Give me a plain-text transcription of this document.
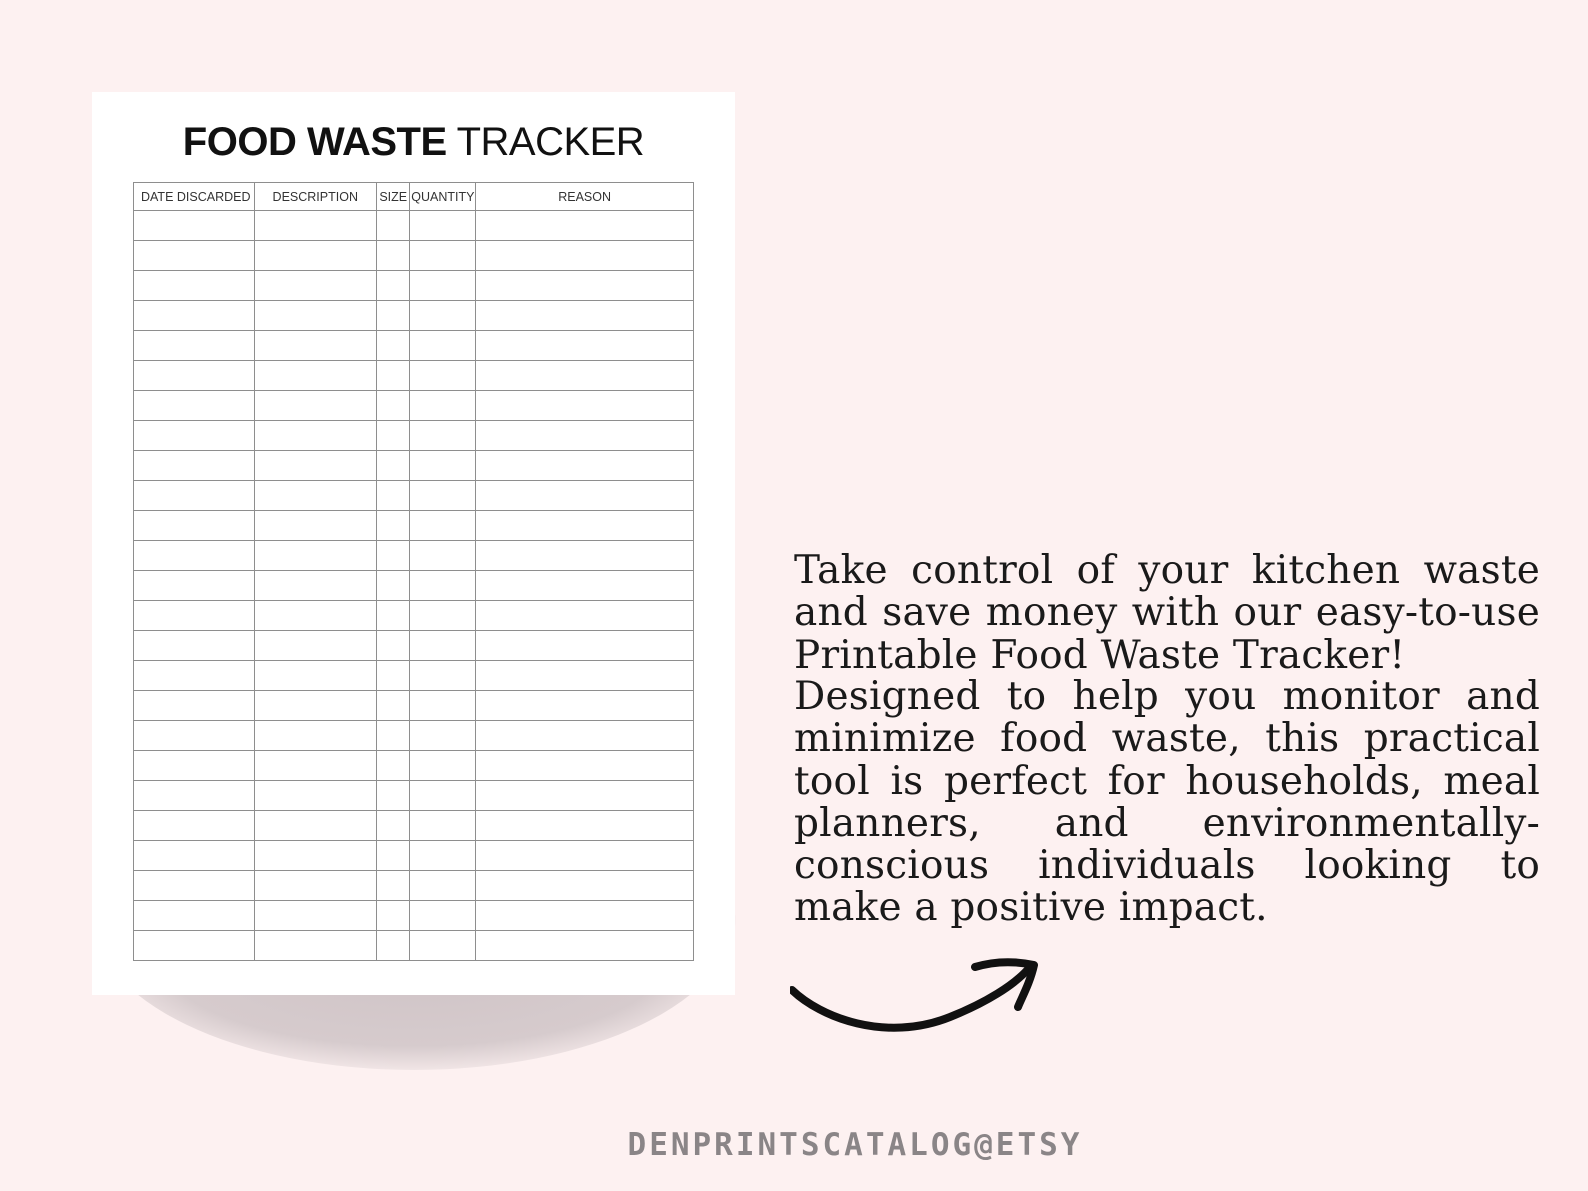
FOOD WASTE TRACKER
DATE DISCARDED	DESCRIPTION	SIZE	QUANTITY	REASON

Take control of your kitchen waste and save money with our easy-to-use Printable Food Waste Tracker!

Designed to help you monitor and minimize food waste, this practical tool is perfect for households, meal planners, and environmentally-conscious individuals looking to make a positive impact.

DENPRINTSCATALOG@ETSY
